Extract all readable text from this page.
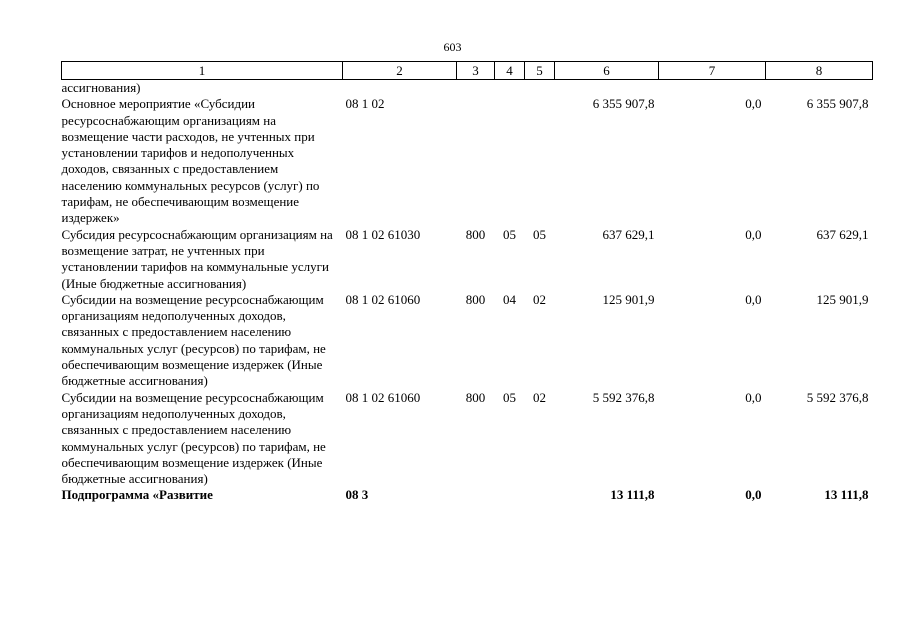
603
1	2	3	4	5	6	7	8
ассигнования)							
Основное мероприятие «Субсидии ресурсоснабжающим организациям на возмещение части расходов, не учтенных при установлении тарифов и недополученных доходов, связанных с предоставлением населению коммунальных ресурсов (услуг) по тарифам, не обеспечивающим возмещение издержек»	08 1 02				6 355 907,8	0,0	6 355 907,8
Субсидия ресурсоснабжающим организациям на возмещение затрат, не учтенных при установлении тарифов на коммунальные услуги (Иные бюджетные ассигнования)	08 1 02 61030	800	05	05	637 629,1	0,0	637 629,1
Субсидии на возмещение ресурсоснабжающим организациям недополученных доходов, связанных с предоставлением населению коммунальных услуг (ресурсов) по тарифам, не обеспечивающим возмещение издержек (Иные бюджетные ассигнования)	08 1 02 61060	800	04	02	125 901,9	0,0	125 901,9
Субсидии на возмещение ресурсоснабжающим организациям недополученных доходов, связанных с предоставлением населению коммунальных услуг (ресурсов) по тарифам, не обеспечивающим возмещение издержек (Иные бюджетные ассигнования)	08 1 02 61060	800	05	02	5 592 376,8	0,0	5 592 376,8
Подпрограмма «Развитие	08 3				13 111,8	0,0	13 111,8
